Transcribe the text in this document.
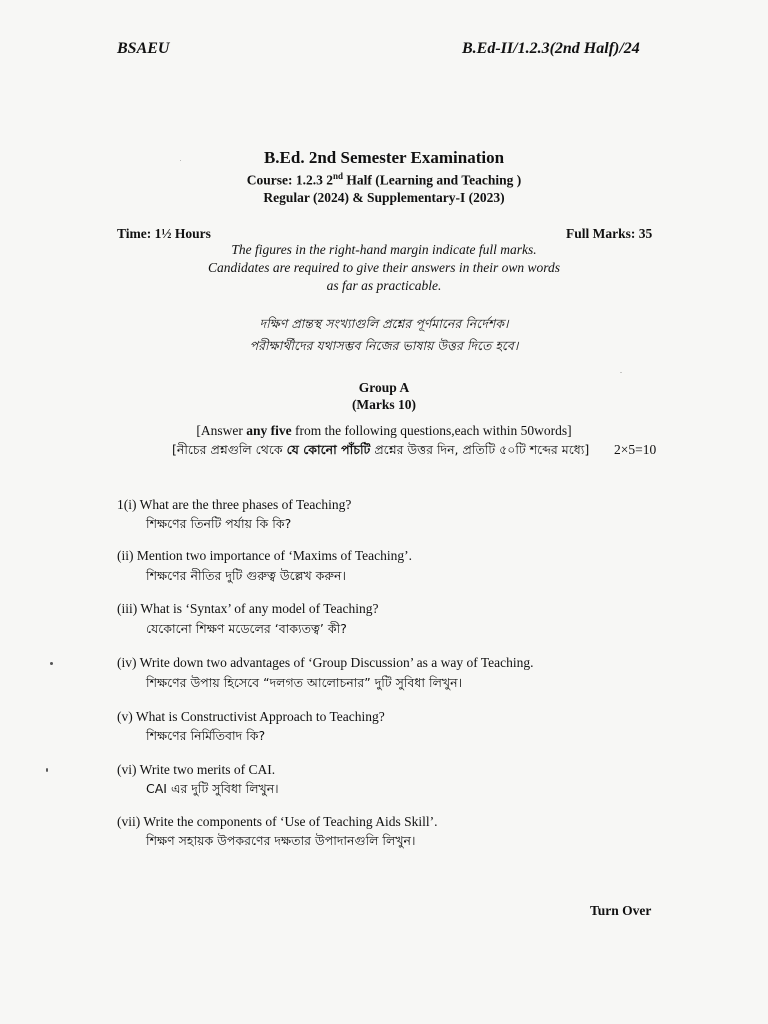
BSAEU	B.Ed-II/1.2.3(2nd Half)/24
B.Ed. 2nd Semester Examination
Course: 1.2.3 2nd Half (Learning and Teaching )
Regular (2024) & Supplementary-I (2023)
Time: 1½ Hours	Full Marks: 35
The figures in the right-hand margin indicate full marks.
Candidates are required to give their answers in their own words
as far as practicable.
দক্ষিণ প্রান্তস্থ সংখ্যাগুলি প্রশ্নের পূর্ণমানের নির্দেশক।
পরীক্ষার্থীদের যথাসম্ভব নিজের ভাষায় উত্তর দিতে হবে।
Group A
(Marks 10)
[Answer any five from the following questions,each within 50words]
[নীচের প্রশ্নগুলি থেকে যে কোনো পাঁচটি প্রশ্নের উত্তর দিন, প্রতিটি ৫০টি শব্দের মধ্যে] 2×5=10
1(i) What are the three phases of Teaching?
শিক্ষণের তিনটি পর্যায় কি কি?
(ii) Mention two importance of ‘Maxims of Teaching’.
শিক্ষণের নীতির দুটি গুরুত্ব উল্লেখ করুন।
(iii) What is ‘Syntax’ of any model of Teaching?
যেকোনো শিক্ষণ মডেলের ‘বাক্যতত্ব’ কী?
(iv) Write down two advantages of ‘Group Discussion’ as a way of Teaching.
শিক্ষণের উপায় হিসেবে “দলগত আলোচনার” দুটি সুবিধা লিখুন।
(v) What is Constructivist Approach to Teaching?
শিক্ষণের নির্মিতিবাদ কি?
(vi) Write two merits of CAI.
CAI এর দুটি সুবিধা লিখুন।
(vii) Write the components of ‘Use of Teaching Aids Skill’.
শিক্ষণ সহায়ক উপকরণের দক্ষতার উপাদানগুলি লিখুন।
Turn Over
